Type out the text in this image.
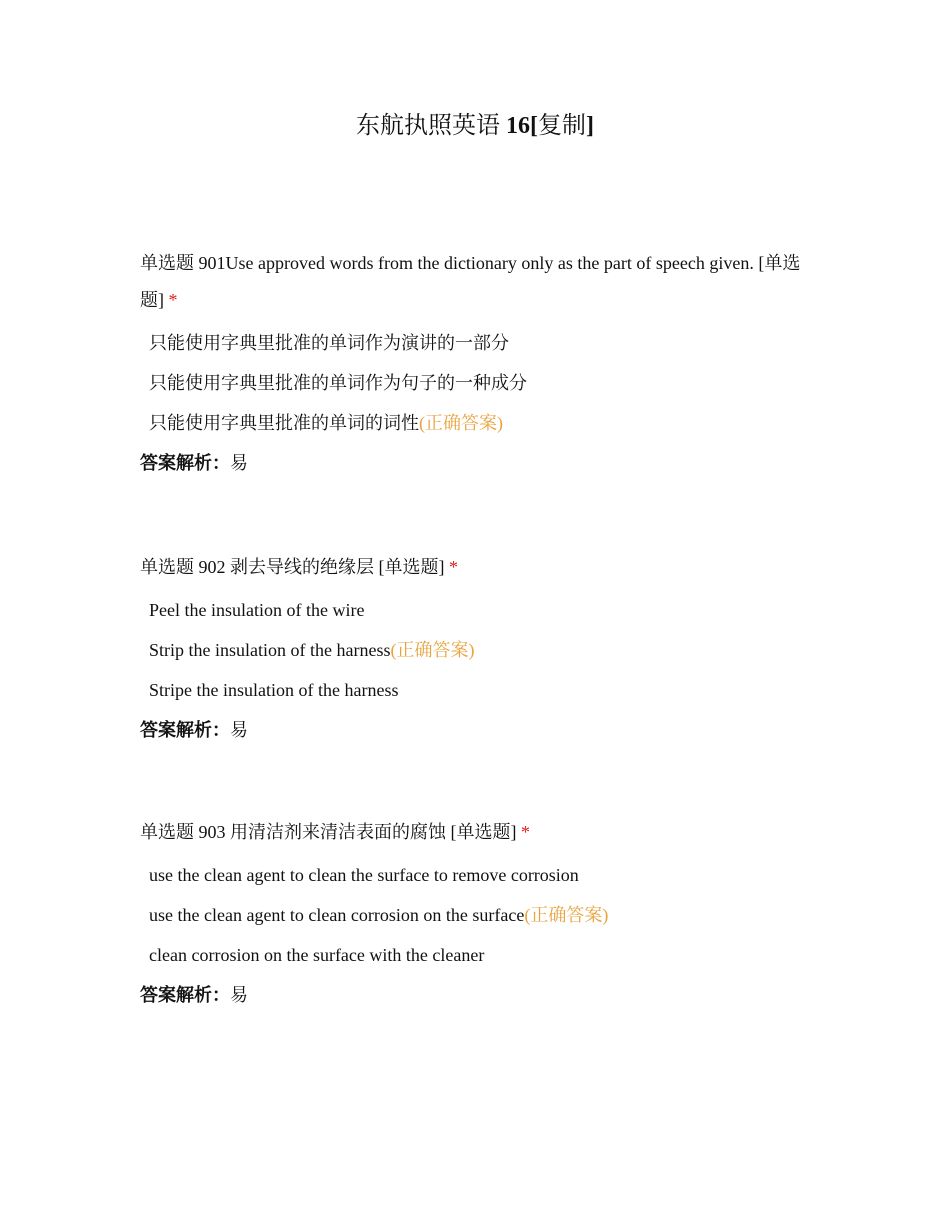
东航执照英语 16[复制]

单选题 901Use approved words from the dictionary only as the part of speech given. [单选题] *

只能使用字典里批准的单词作为演讲的一部分
只能使用字典里批准的单词作为句子的一种成分
只能使用字典里批准的单词的词性(正确答案)
答案解析：易

单选题 902 剥去导线的绝缘层 [单选题] *

Peel the insulation of the wire
Strip the insulation of the harness(正确答案)
Stripe the insulation of the harness
答案解析：易

单选题 903 用清洁剂来清洁表面的腐蚀 [单选题] *

use the clean agent to clean the surface to remove corrosion
use the clean agent to clean corrosion on the surface(正确答案)
clean corrosion on the surface with the cleaner
答案解析：易
